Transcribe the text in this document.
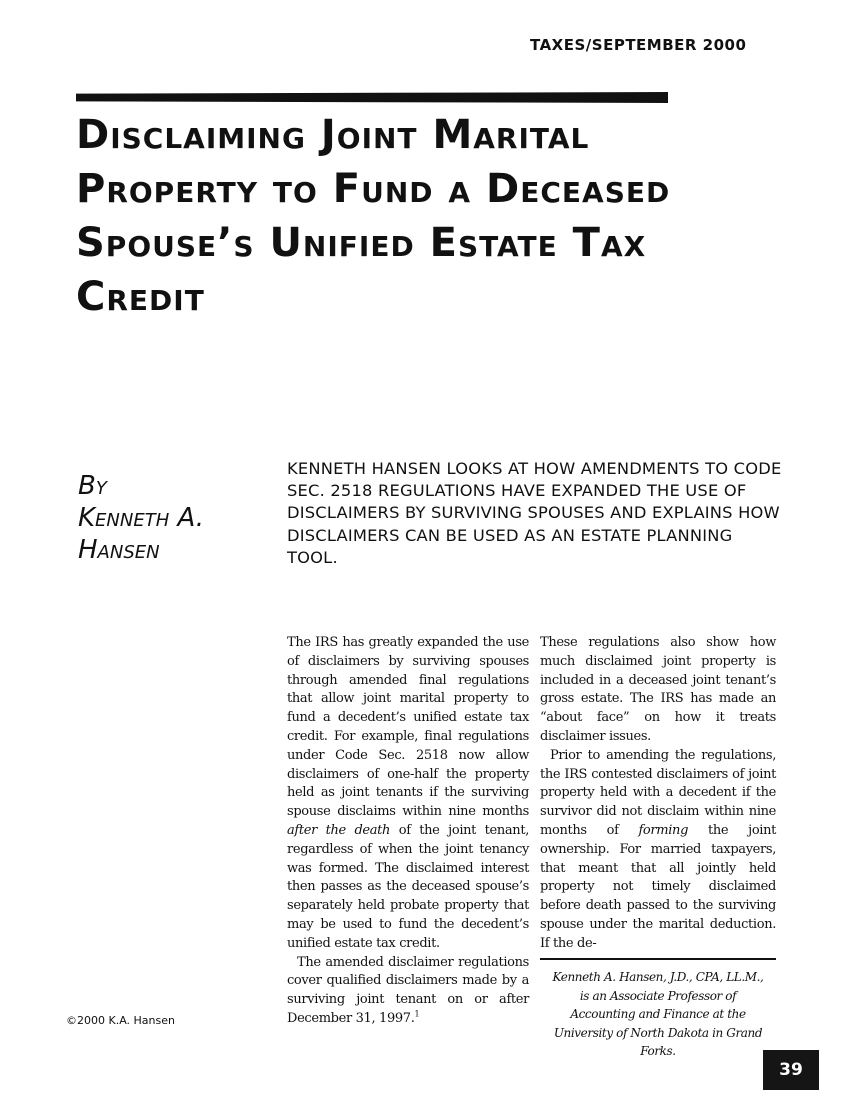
TAXES/SEPTEMBER 2000
Disclaiming Joint Marital Property to Fund a Deceased Spouse’s Unified Estate Tax Credit
By
Kenneth A.
Hansen
KENNETH HANSEN LOOKS AT HOW AMENDMENTS TO CODE SEC. 2518 REGULATIONS HAVE EXPANDED THE USE OF DISCLAIMERS BY SURVIVING SPOUSES AND EXPLAINS HOW DISCLAIMERS CAN BE USED AS AN ESTATE PLANNING TOOL.

The IRS has greatly expanded the use of disclaimers by surviving spouses through amended final regulations that allow joint marital property to fund a decedent’s unified estate tax credit. For example, final regulations under Code Sec. 2518 now allow disclaimers of one-half the property held as joint tenants if the surviving spouse disclaims within nine months after the death of the joint tenant, regardless of when the joint tenancy was formed. The disclaimed interest then passes as the deceased spouse’s separately held probate property that may be used to fund the decedent’s unified estate tax credit.

The amended disclaimer regulations cover qualified disclaimers made by a surviving joint tenant on or after December 31, 1997.$^1$

These regulations also show how much disclaimed joint property is included in a deceased joint tenant’s gross estate. The IRS has made an “about face” on how it treats disclaimer issues.

Prior to amending the regulations, the IRS contested disclaimers of joint property held with a decedent if the survivor did not disclaim within nine months of forming the joint ownership. For married taxpayers, that meant that all jointly held property not timely disclaimed before death passed to the surviving spouse under the marital deduction. If the de-

Kenneth A. Hansen, J.D., CPA, LL.M., is an Associate Professor of Accounting and Finance at the University of North Dakota in Grand Forks.
©2000 K.A. Hansen
39
